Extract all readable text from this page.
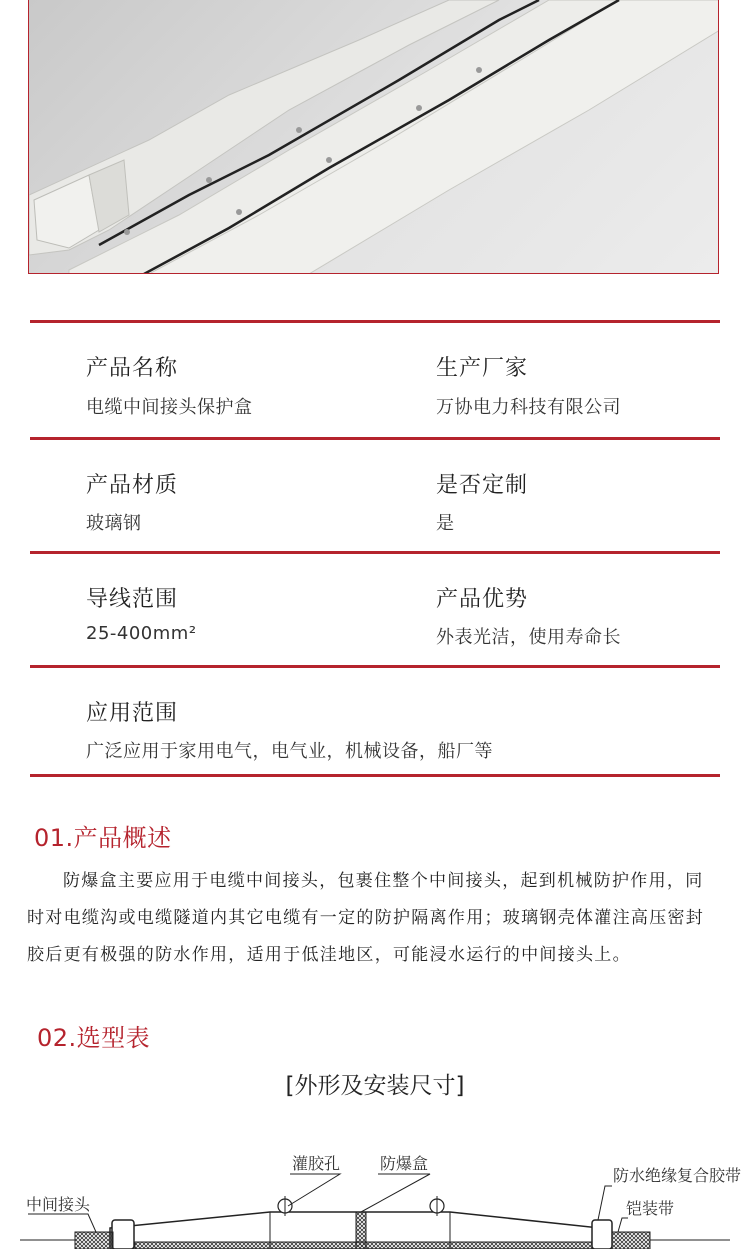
产品名称
电缆中间接头保护盒
生产厂家
万协电力科技有限公司
产品材质
玻璃钢
是否定制
是
导线范围
25-400mm²
产品优势
外表光洁，使用寿命长
应用范围
广泛应用于家用电气，电气业，机械设备，船厂等
01.产品概述
防爆盒主要应用于电缆中间接头，包裹住整个中间接头，起到机械防护作用，同时对电缆沟或电缆隧道内其它电缆有一定的防护隔离作用；玻璃钢壳体灌注高压密封胶后更有极强的防水作用，适用于低洼地区，可能浸水运行的中间接头上。
02.选型表
[外形及安装尺寸]
灌胶孔 防爆盒
防水绝缘复合胶带
中间接头	铠装带
